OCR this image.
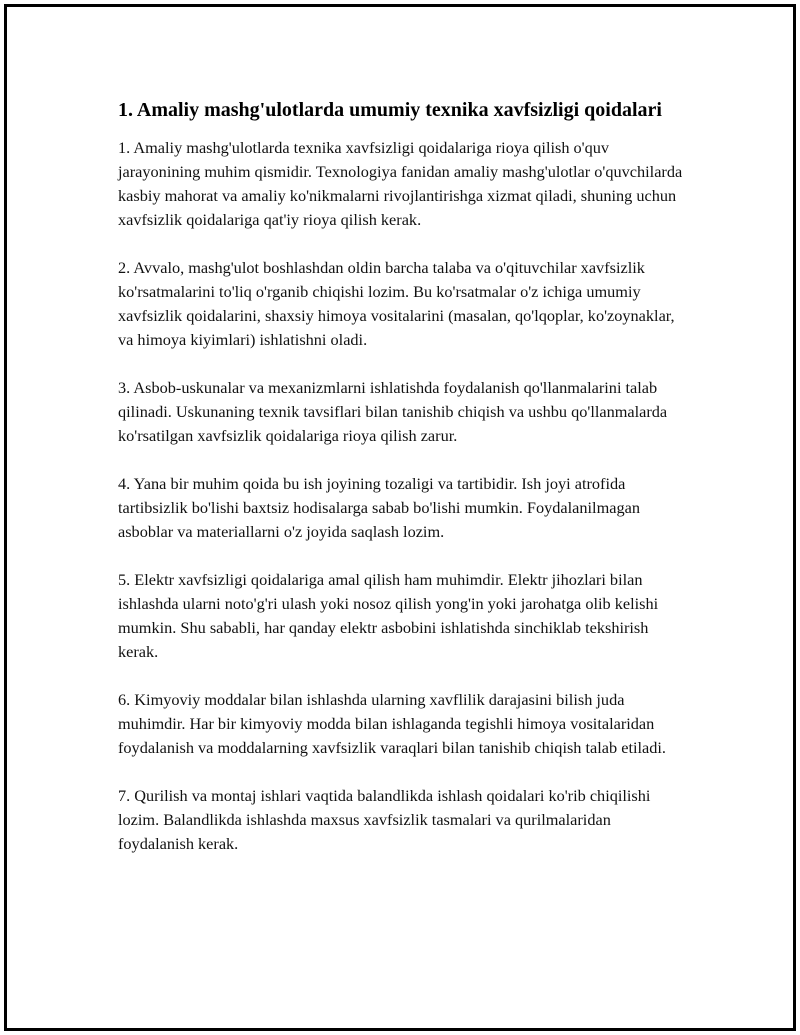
1. Amaliy mashg'ulotlarda umumiy texnika xavfsizligi qoidalari

1. Amaliy mashg'ulotlarda texnika xavfsizligi qoidalariga rioya qilish o'quv jarayonining muhim qismidir. Texnologiya fanidan amaliy mashg'ulotlar o'quvchilarda kasbiy mahorat va amaliy ko'nikmalarni rivojlantirishga xizmat qiladi, shuning uchun xavfsizlik qoidalariga qat'iy rioya qilish kerak.

2. Avvalo, mashg'ulot boshlashdan oldin barcha talaba va o'qituvchilar xavfsizlik ko'rsatmalarini to'liq o'rganib chiqishi lozim. Bu ko'rsatmalar o'z ichiga umumiy xavfsizlik qoidalarini, shaxsiy himoya vositalarini (masalan, qo'lqoplar, ko'zoynaklar, va himoya kiyimlari) ishlatishni oladi.

3. Asbob-uskunalar va mexanizmlarni ishlatishda foydalanish qo'llanmalarini talab qilinadi. Uskunaning texnik tavsiflari bilan tanishib chiqish va ushbu qo'llanmalarda ko'rsatilgan xavfsizlik qoidalariga rioya qilish zarur.

4. Yana bir muhim qoida bu ish joyining tozaligi va tartibidir. Ish joyi atrofida tartibsizlik bo'lishi baxtsiz hodisalarga sabab bo'lishi mumkin. Foydalanilmagan asboblar va materiallarni o'z joyida saqlash lozim.

5. Elektr xavfsizligi qoidalariga amal qilish ham muhimdir. Elektr jihozlari bilan ishlashda ularni noto'g'ri ulash yoki nosoz qilish yong'in yoki jarohatga olib kelishi mumkin. Shu sababli, har qanday elektr asbobini ishlatishda sinchiklab tekshirish kerak.

6. Kimyoviy moddalar bilan ishlashda ularning xavflilik darajasini bilish juda muhimdir. Har bir kimyoviy modda bilan ishlaganda tegishli himoya vositalaridan foydalanish va moddalarning xavfsizlik varaqlari bilan tanishib chiqish talab etiladi.

7. Qurilish va montaj ishlari vaqtida balandlikda ishlash qoidalari ko'rib chiqilishi lozim. Balandlikda ishlashda maxsus xavfsizlik tasmalari va qurilmalaridan foydalanish kerak.
